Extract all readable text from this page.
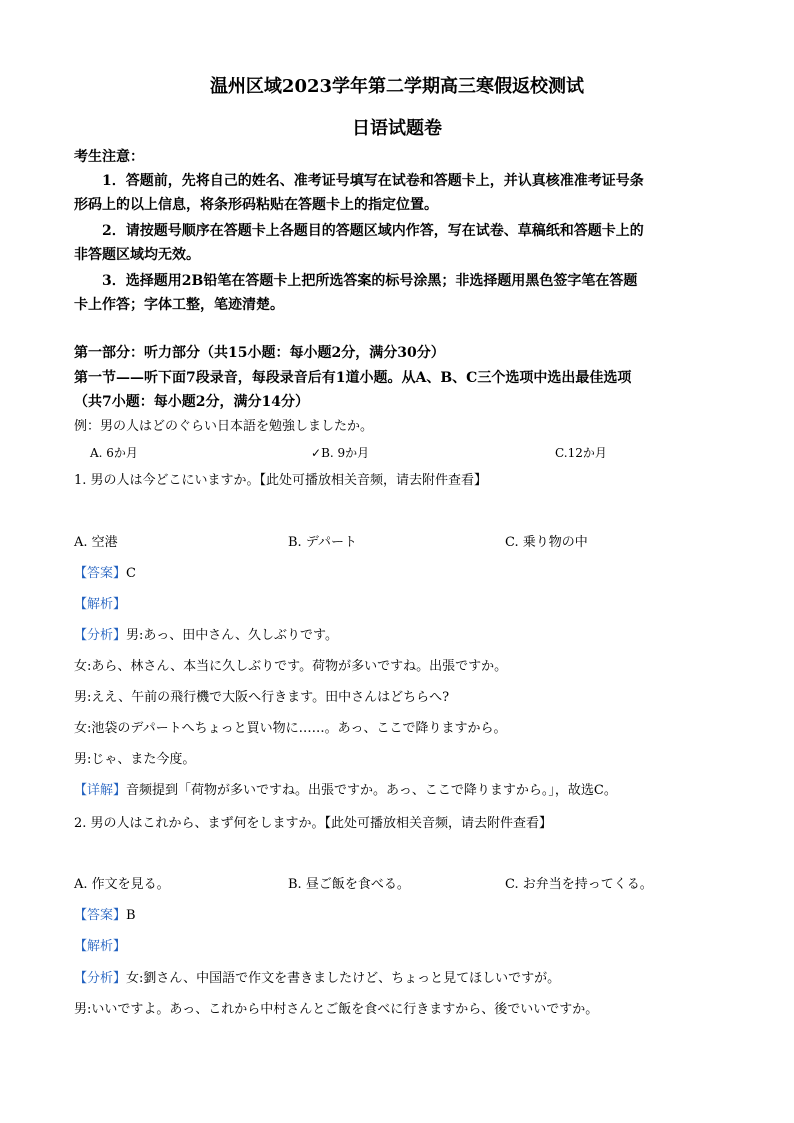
温州区域2023学年第二学期高三寒假返校测试
日语试题卷
考生注意：
1．答题前，先将自己的姓名、准考证号填写在试卷和答题卡上，并认真核准准考证号条
形码上的以上信息，将条形码粘贴在答题卡上的指定位置。
2．请按题号顺序在答题卡上各题目的答题区域内作答，写在试卷、草稿纸和答题卡上的
非答题区域均无效。
3．选择题用2B铅笔在答题卡上把所选答案的标号涂黑；非选择题用黑色签字笔在答题
卡上作答；字体工整，笔迹清楚。
第一部分：听力部分（共15小题：每小题2分，满分30分）
第一节——听下面7段录音，每段录音后有1道小题。从A、B、C三个选项中选出最佳选项
（共7小题：每小题2分，满分14分）
例：男の人はどのぐらい日本語を勉強しましたか。
A. 6か月	✓B. 9か月	C.12か月
1. 男の人は今どこにいますか。【此处可播放相关音频，请去附件查看】
A. 空港	B. デパート	C. 乗り物の中
【答案】C
【解析】
【分析】男:あっ、田中さん、久しぶりです。
女:あら、林さん、本当に久しぶりです。荷物が多いですね。出張ですか。
男:ええ、午前の飛行機で大阪へ行きます。田中さんはどちらへ?
女:池袋のデパートへちょっと買い物に……。あっ、ここで降りますから。
男:じゃ、また今度。
【详解】音频提到「荷物が多いですね。出張ですか。あっ、ここで降りますから。」，故选C。
2. 男の人はこれから、まず何をしますか。【此处可播放相关音频，请去附件查看】
A. 作文を見る。	B. 昼ご飯を食べる。	C. お弁当を持ってくる。
【答案】B
【解析】
【分析】女:劉さん、中国語で作文を書きましたけど、ちょっと見てほしいですが。
男:いいですよ。あっ、これから中村さんとご飯を食べに行きますから、後でいいですか。
